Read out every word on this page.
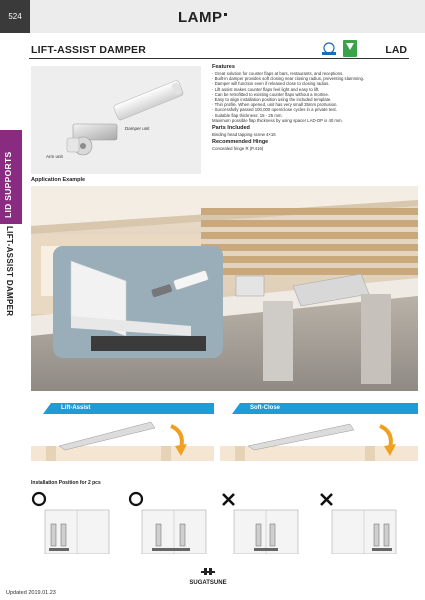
524	LAMP
LID SUPPORTS
LIFT-ASSIST DAMPER
LIFT-ASSIST DAMPER	LAD
Damper unit
Arm unit
Features
· Great solution for counter flaps at bars, restaurants, and receptions.
· Built-in damper provides soft closing near closing radius, preventing slamming.
· Damper will function even if released close to closing radius.
· Lift assist makes counter flaps feel light and easy to lift.
· Can be retrofitted to existing counter flaps without a mortise.
· Easy to align installation position using the included template.
· Thin profile. When opened, unit has very small 35mm protrusion.
· Successfully passed 100,000 open/close cycles in a private test.
· Suitable flap thickness: 15 - 25 mm.
Maximum possible flap thickness by using spacer LAD-DP is 40 mm.
Parts Included
Binding head tapping screw 4×16
Recommended Hinge
Concealed hinge R (P.416)
Application Example
Lift-Assist	Soft-Close
Installation Position for 2 pcs
SUGATSUNE
Updated 2019.01.23
